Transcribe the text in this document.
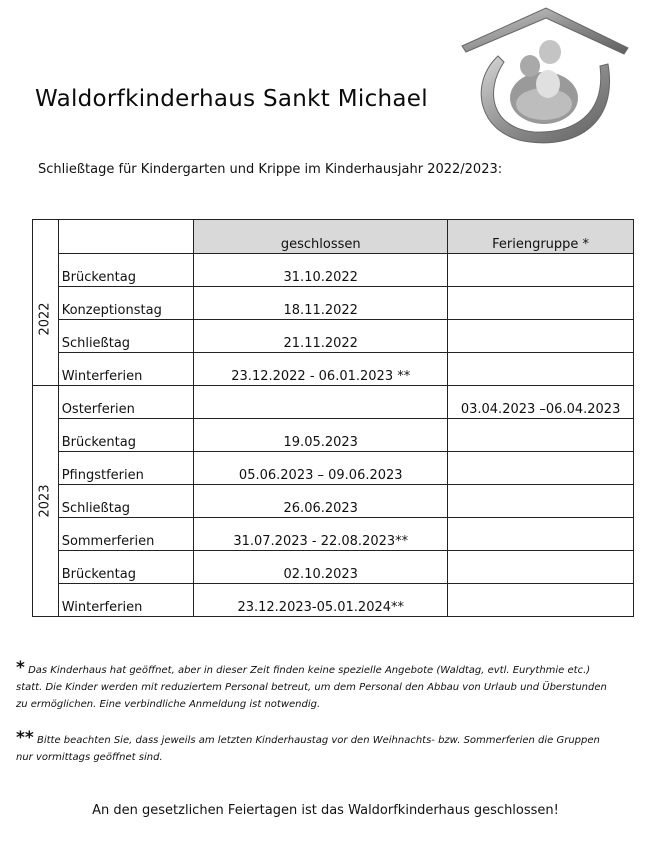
Waldorfkinderhaus Sankt Michael
Schließtage für Kindergarten und Krippe im Kinderhausjahr 2022/2023:
		geschlossen	Feriengruppe *

2022	Brückentag	31.10.2022	
	Konzeptionstag	18.11.2022	
	Schließtag	21.11.2022	
	Winterferien	23.12.2022 - 06.01.2023 **	

2023	Osterferien		03.04.2023 –06.04.2023
	Brückentag	19.05.2023	
	Pfingstferien	05.06.2023 – 09.06.2023	
	Schließtag	26.06.2023	
	Sommerferien	31.07.2023 - 22.08.2023**	
	Brückentag	02.10.2023	
	Winterferien	23.12.2023-05.01.2024**	
* Das Kinderhaus hat geöffnet, aber in dieser Zeit finden keine spezielle Angebote (Waldtag, evtl. Eurythmie etc.)
statt. Die Kinder werden mit reduziertem Personal betreut, um dem Personal den Abbau von Urlaub und Überstunden
zu ermöglichen. Eine verbindliche Anmeldung ist notwendig.
** Bitte beachten Sie, dass jeweils am letzten Kinderhaustag vor den Weihnachts- bzw. Sommerferien die Gruppen
nur vormittags geöffnet sind.
An den gesetzlichen Feiertagen ist das Waldorfkinderhaus geschlossen!
